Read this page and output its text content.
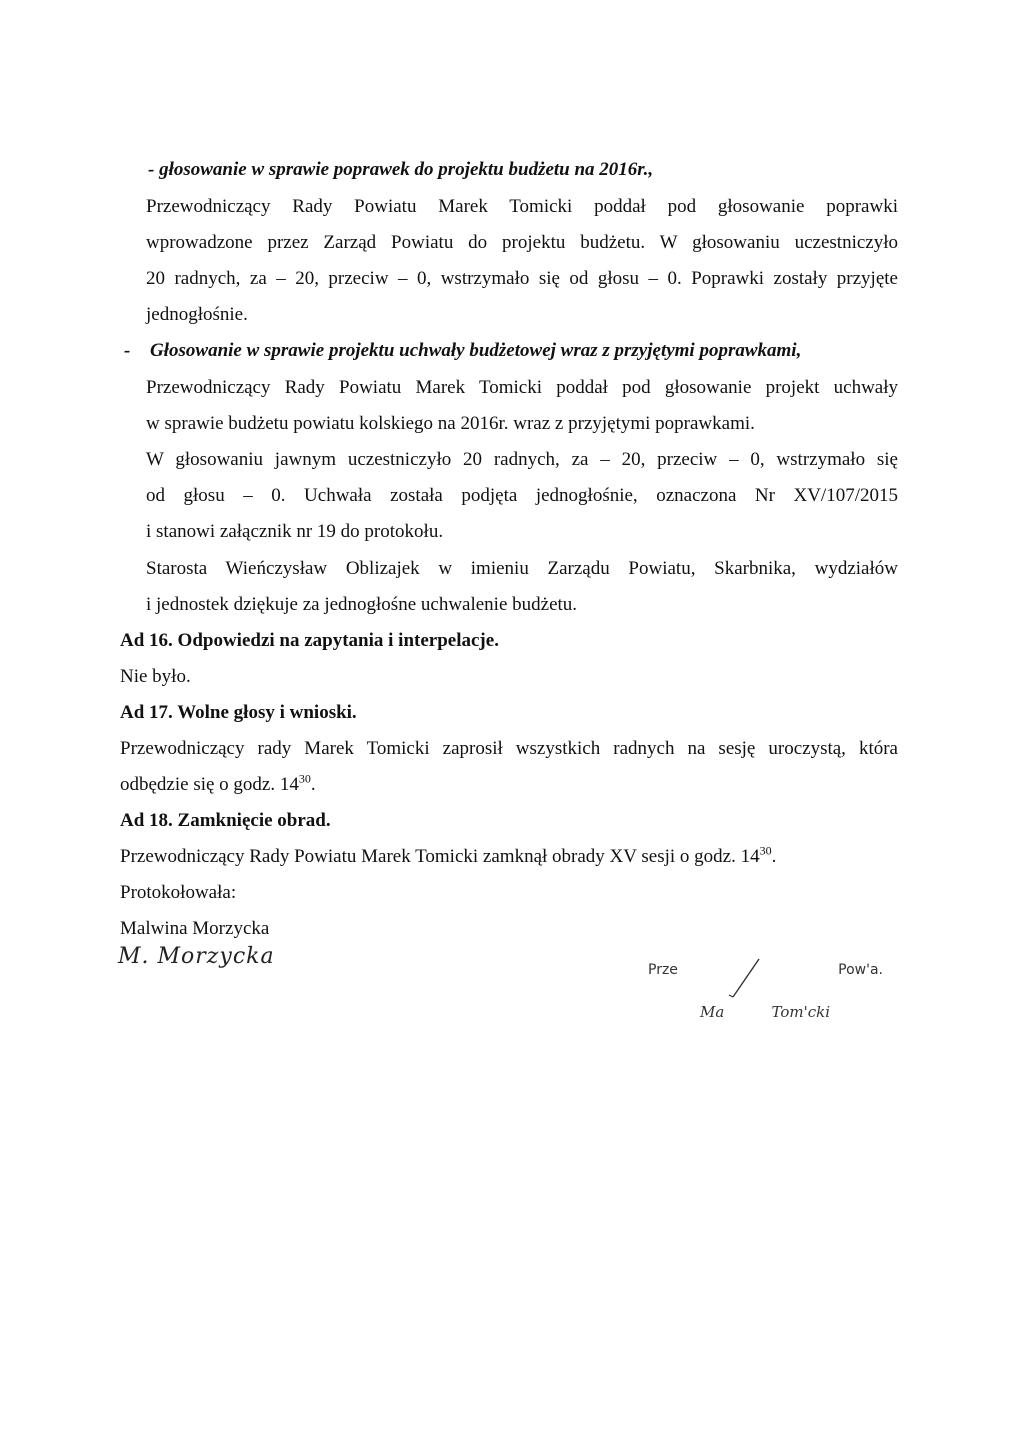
- głosowanie w sprawie poprawek do projektu budżetu na 2016r.,
Przewodniczący Rady Powiatu Marek Tomicki poddał pod głosowanie poprawki
wprowadzone przez Zarząd Powiatu do projektu budżetu. W głosowaniu uczestniczyło
20 radnych, za – 20, przeciw – 0, wstrzymało się od głosu – 0. Poprawki zostały przyjęte
jednogłośnie.
- Głosowanie w sprawie projektu uchwały budżetowej wraz z przyjętymi poprawkami,
Przewodniczący Rady Powiatu Marek Tomicki poddał pod głosowanie projekt uchwały
w sprawie budżetu powiatu kolskiego na 2016r. wraz z przyjętymi poprawkami.
W głosowaniu jawnym uczestniczyło 20 radnych, za – 20, przeciw – 0, wstrzymało się
od głosu – 0. Uchwała została podjęta jednogłośnie, oznaczona Nr XV/107/2015
i stanowi załącznik nr 19 do protokołu.
Starosta Wieńczysław Oblizajek w imieniu Zarządu Powiatu, Skarbnika, wydziałów
i jednostek dziękuje za jednogłośne uchwalenie budżetu.
Ad 16. Odpowiedzi na zapytania i interpelacje.
Nie było.
Ad 17. Wolne głosy i wnioski.
Przewodniczący rady Marek Tomicki zaprosił wszystkich radnych na sesję uroczystą, która
odbędzie się o godz. $14^{30}$.
Ad 18. Zamknięcie obrad.
Przewodniczący Rady Powiatu Marek Tomicki zamknął obrady XV sesji o godz. $14^{30}$.
Protokołowała:
Malwina Morzycka
M. Morzycka
Prze	Pow'a.
Ma	Tom'cki
